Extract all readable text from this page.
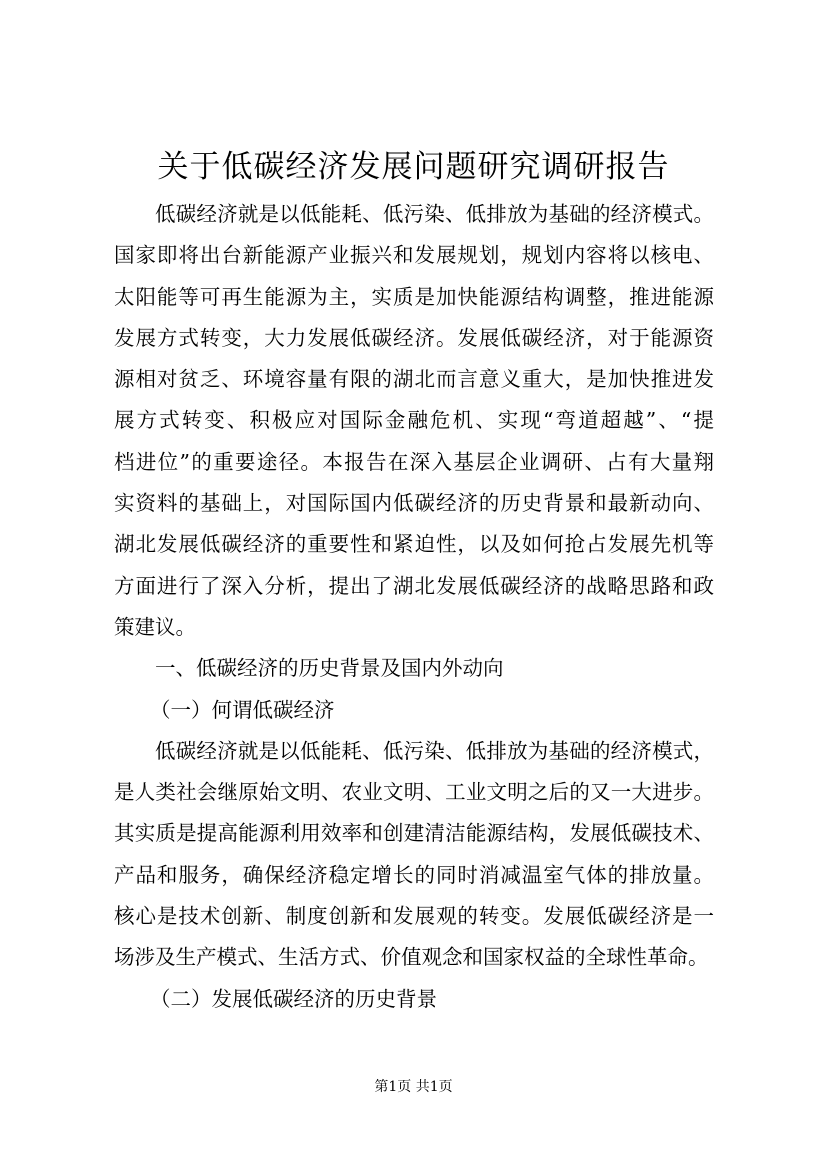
关于低碳经济发展问题研究调研报告
低碳经济就是以低能耗、低污染、低排放为基础的经济模式。
国家即将出台新能源产业振兴和发展规划，规划内容将以核电、
太阳能等可再生能源为主，实质是加快能源结构调整，推进能源
发展方式转变，大力发展低碳经济。发展低碳经济，对于能源资
源相对贫乏、环境容量有限的湖北而言意义重大，是加快推进发
展方式转变、积极应对国际金融危机、实现“弯道超越”、“提
档进位”的重要途径。本报告在深入基层企业调研、占有大量翔
实资料的基础上，对国际国内低碳经济的历史背景和最新动向、
湖北发展低碳经济的重要性和紧迫性，以及如何抢占发展先机等
方面进行了深入分析，提出了湖北发展低碳经济的战略思路和政
策建议。
一、低碳经济的历史背景及国内外动向
（一）何谓低碳经济
低碳经济就是以低能耗、低污染、低排放为基础的经济模式，
是人类社会继原始文明、农业文明、工业文明之后的又一大进步。
其实质是提高能源利用效率和创建清洁能源结构，发展低碳技术、
产品和服务，确保经济稳定增长的同时消减温室气体的排放量。
核心是技术创新、制度创新和发展观的转变。发展低碳经济是一
场涉及生产模式、生活方式、价值观念和国家权益的全球性革命。
（二）发展低碳经济的历史背景
第1页 共1页
